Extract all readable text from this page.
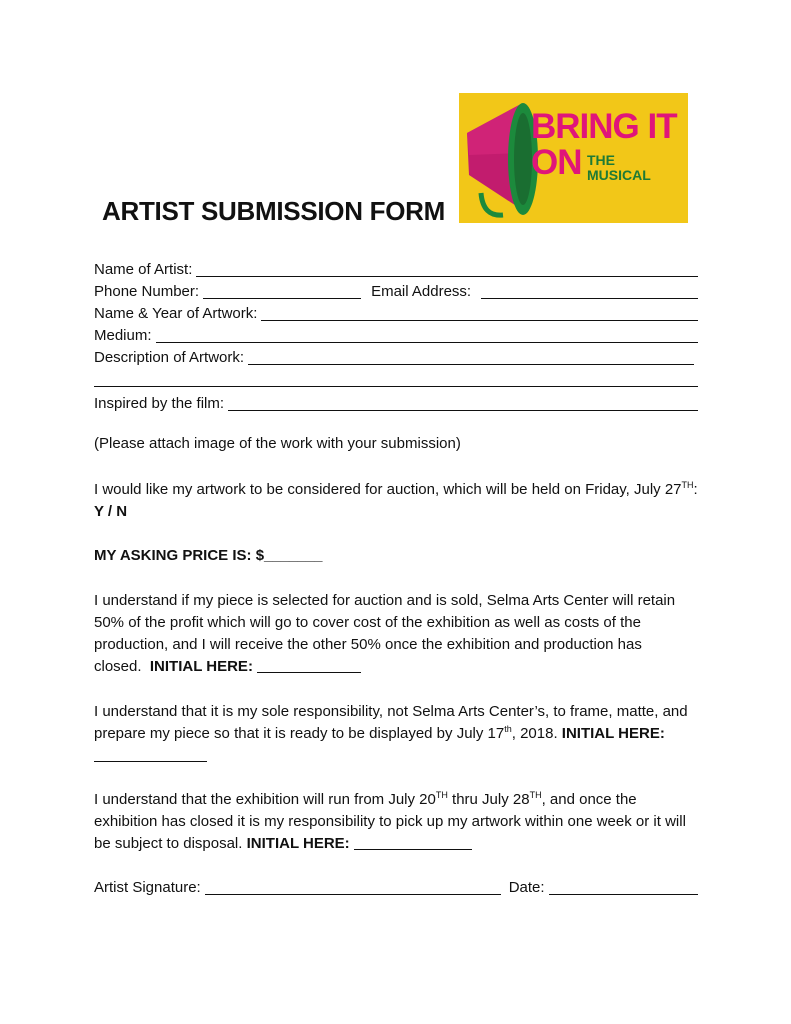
BRING IT
ON THE
MUSICAL
ARTIST SUBMISSION FORM
Name of Artist:
Phone Number:	Email Address:
Name & Year of Artwork:
Medium:
Description of Artwork:
Inspired by the film:

(Please attach image of the work with your submission)

I would like my artwork to be considered for auction, which will be held on Friday, July 27TH: Y / N

MY ASKING PRICE IS: $_______

I understand if my piece is selected for auction and is sold, Selma Arts Center will retain 50% of the profit which will go to cover cost of the exhibition as well as costs of the production, and I will receive the other 50% once the exhibition and production has closed. INITIAL HERE:

I understand that it is my sole responsibility, not Selma Arts Center’s, to frame, matte, and prepare my piece so that it is ready to be displayed by July 17th, 2018. INITIAL HERE:

I understand that the exhibition will run from July 20TH thru July 28TH, and once the exhibition has closed it is my responsibility to pick up my artwork within one week or it will be subject to disposal. INITIAL HERE:

Artist Signature:	Date:
